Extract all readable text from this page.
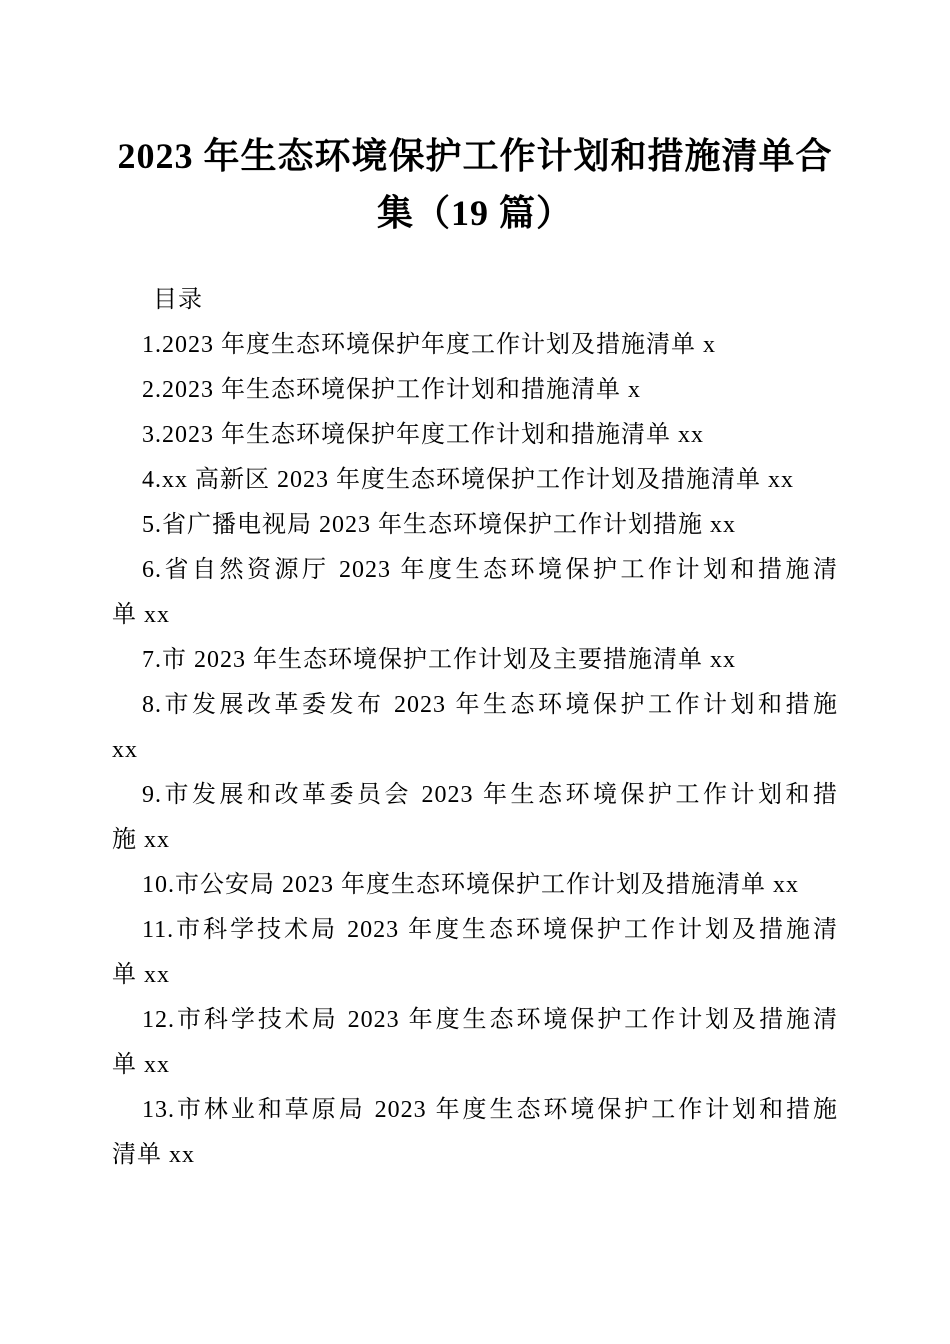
2023 年生态环境保护工作计划和措施清单合
集（19 篇）
目录
1.2023 年度生态环境保护年度工作计划及措施清单 x
2.2023 年生态环境保护工作计划和措施清单 x
3.2023 年生态环境保护年度工作计划和措施清单 xx
4.xx 高新区 2023 年度生态环境保护工作计划及措施清单 xx
5.省广播电视局 2023 年生态环境保护工作计划措施 xx
6.省自然资源厅 2023 年度生态环境保护工作计划和措施清
单 xx
7.市 2023 年生态环境保护工作计划及主要措施清单 xx
8.市发展改革委发布 2023 年生态环境保护工作计划和措施
xx
9.市发展和改革委员会 2023 年生态环境保护工作计划和措
施 xx
10.市公安局 2023 年度生态环境保护工作计划及措施清单 xx
11.市科学技术局 2023 年度生态环境保护工作计划及措施清
单 xx
12.市科学技术局 2023 年度生态环境保护工作计划及措施清
单 xx
13.市林业和草原局 2023 年度生态环境保护工作计划和措施
清单 xx
